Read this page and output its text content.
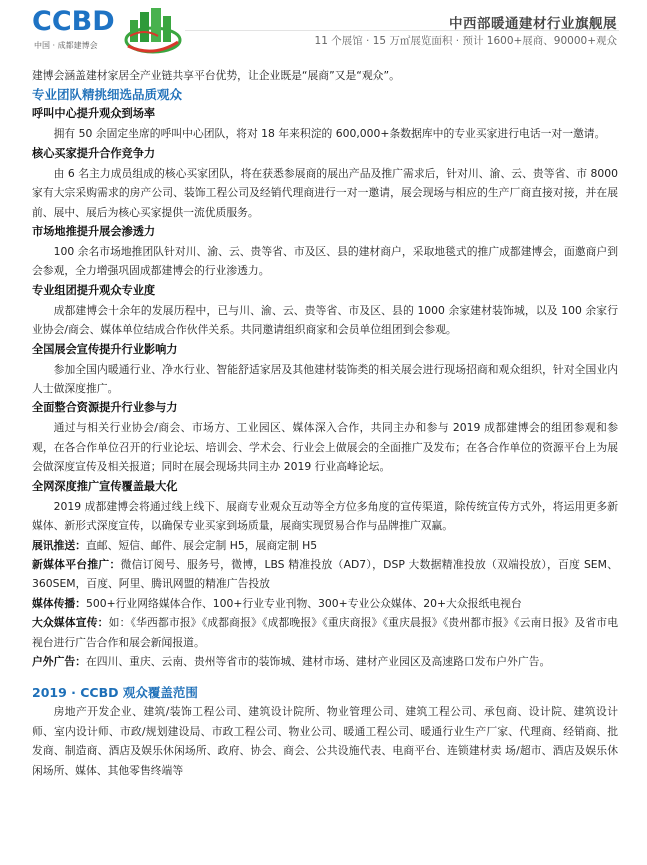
CCBD
中国 · 成都建博会
中西部暖通建材行业旗舰展
11 个展馆 · 15 万㎡展览面积 · 预计 1600+展商、90000+观众

建博会涵盖建材家居全产业链共享平台优势，让企业既是“展商”又是“观众”。

专业团队精挑细选品质观众

呼叫中心提升观众到场率

拥有 50 余固定坐席的呼叫中心团队，将对 18 年来积淀的 600,000+条数据库中的专业买家进行电话一对一邀请。

核心买家提升合作竞争力

由 6 名主力成员组成的核心买家团队，将在获悉参展商的展出产品及推广需求后，针对川、渝、云、贵等省、市 8000 家有大宗采购需求的房产公司、装饰工程公司及经销代理商进行一对一邀请，展会现场与相应的生产厂商直接对接，并在展前、展中、展后为核心买家提供一流优质服务。

市场地推提升展会渗透力

100 余名市场地推团队针对川、渝、云、贵等省、市及区、县的建材商户，采取地毯式的推广成都建博会，面邀商户到会参观，全力增强巩固成都建博会的行业渗透力。

专业组团提升观众专业度

成都建博会十余年的发展历程中，已与川、渝、云、贵等省、市及区、县的 1000 余家建材装饰城，以及 100 余家行业协会/商会、媒体单位结成合作伙伴关系。共同邀请组织商家和会员单位组团到会参观。

全国展会宣传提升行业影响力

参加全国内暖通行业、净水行业、智能舒适家居及其他建材装饰类的相关展会进行现场招商和观众组织，针对全国业内人士做深度推广。

全面整合资源提升行业参与力

通过与相关行业协会/商会、市场方、工业园区、媒体深入合作，共同主办和参与 2019 成都建博会的组团参观和参观，在各合作单位召开的行业论坛、培训会、学术会、行业会上做展会的全面推广及发布；在各合作单位的资源平台上为展会做深度宣传及相关报道；同时在展会现场共同主办 2019 行业高峰论坛。

全网深度推广宣传覆盖最大化

2019 成都建博会将通过线上线下、展商专业观众互动等全方位多角度的宣传渠道，除传统宣传方式外，将运用更多新媒体、新形式深度宣传，以确保专业买家到场质量，展商实现贸易合作与品牌推广双赢。

展讯推送：直邮、短信、邮件、展会定制 H5，展商定制 H5

新媒体平台推广：微信订阅号、服务号，微博，LBS 精准投放（AD7），DSP 大数据精准投放（双端投放），百度 SEM、360SEM，百度、阿里、腾讯网盟的精准广告投放

媒体传播：500+行业网络媒体合作、100+行业专业刊物、300+专业公众媒体、20+大众报纸电视台

大众媒体宣传：如：《华西都市报》《成都商报》《成都晚报》《重庆商报》《重庆晨报》《贵州都市报》《云南日报》及省市电视台进行广告合作和展会新闻报道。

户外广告：在四川、重庆、云南、贵州等省市的装饰城、建材市场、建材产业园区及高速路口发布户外广告。

2019 · CCBD 观众覆盖范围

房地产开发企业、建筑/装饰工程公司、建筑设计院所、物业管理公司、建筑工程公司、承包商、设计院、建筑设计师、室内设计师、市政/规划建设局、市政工程公司、物业公司、暖通工程公司、暖通行业生产厂家、代理商、经销商、批发商、制造商、酒店及娱乐休闲场所、政府、协会、商会、公共设施代表、电商平台、连锁建材卖 场/超市、酒店及娱乐休闲场所、媒体、其他零售终端等
